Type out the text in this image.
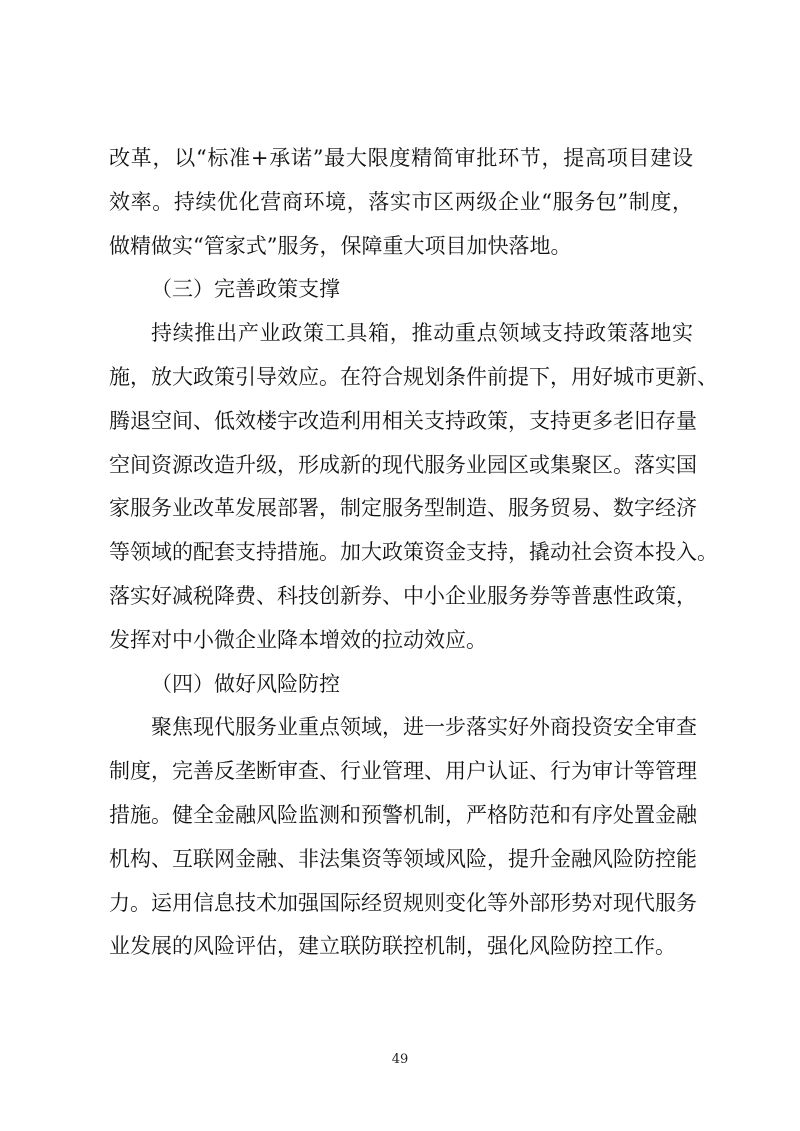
改革，以“标准+承诺”最大限度精简审批环节，提高项目建设
效率。持续优化营商环境，落实市区两级企业“服务包”制度，
做精做实“管家式”服务，保障重大项目加快落地。
（三）完善政策支撑
持续推出产业政策工具箱，推动重点领域支持政策落地实
施，放大政策引导效应。在符合规划条件前提下，用好城市更新、
腾退空间、低效楼宇改造利用相关支持政策，支持更多老旧存量
空间资源改造升级，形成新的现代服务业园区或集聚区。落实国
家服务业改革发展部署，制定服务型制造、服务贸易、数字经济
等领域的配套支持措施。加大政策资金支持，撬动社会资本投入。
落实好减税降费、科技创新券、中小企业服务券等普惠性政策，
发挥对中小微企业降本增效的拉动效应。
（四）做好风险防控
聚焦现代服务业重点领域，进一步落实好外商投资安全审查
制度，完善反垄断审查、行业管理、用户认证、行为审计等管理
措施。健全金融风险监测和预警机制，严格防范和有序处置金融
机构、互联网金融、非法集资等领域风险，提升金融风险防控能
力。运用信息技术加强国际经贸规则变化等外部形势对现代服务
业发展的风险评估，建立联防联控机制，强化风险防控工作。
49
